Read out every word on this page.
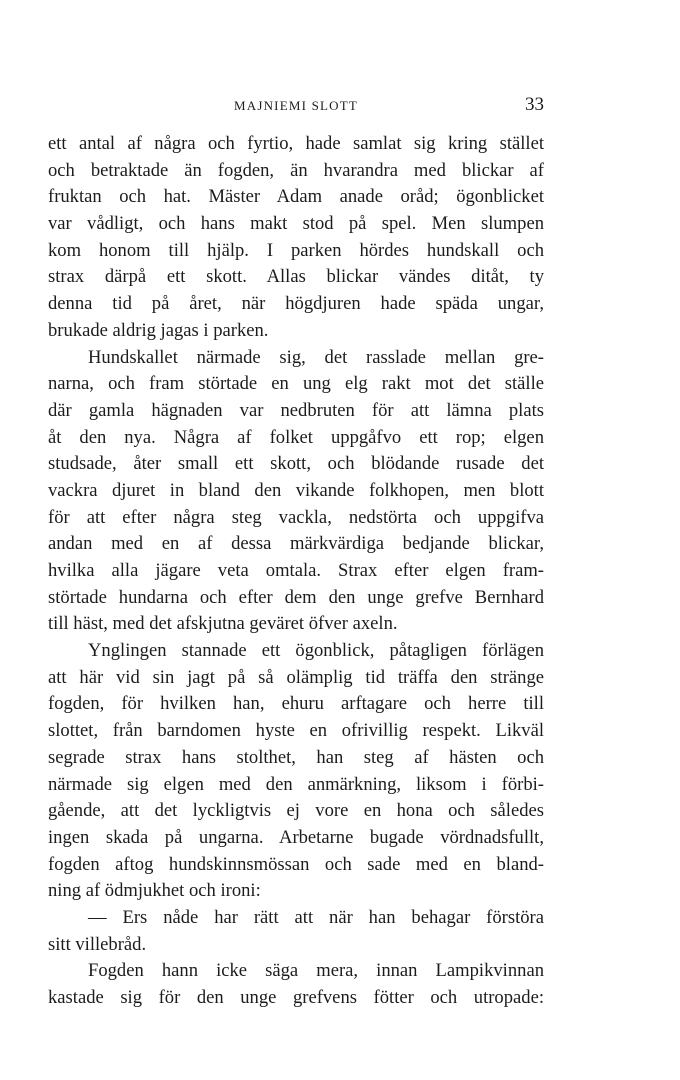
MAJNIEMI SLOTT	33
ett antal af några och fyrtio, hade samlat sig kring stället
och betraktade än fogden, än hvarandra med blickar af
fruktan och hat. Mäster Adam anade oråd; ögonblicket
var vådligt, och hans makt stod på spel. Men slumpen
kom honom till hjälp. I parken hördes hundskall och
strax därpå ett skott. Allas blickar vändes ditåt, ty
denna tid på året, när högdjuren hade späda ungar,
brukade aldrig jagas i parken.
Hundskallet närmade sig, det rasslade mellan gre-
narna, och fram störtade en ung elg rakt mot det ställe
där gamla hägnaden var nedbruten för att lämna plats
åt den nya. Några af folket uppgåfvo ett rop; elgen
studsade, åter small ett skott, och blödande rusade det
vackra djuret in bland den vikande folkhopen, men blott
för att efter några steg vackla, nedstörta och uppgifva
andan med en af dessa märkvärdiga bedjande blickar,
hvilka alla jägare veta omtala. Strax efter elgen fram-
störtade hundarna och efter dem den unge grefve Bernhard
till häst, med det afskjutna geväret öfver axeln.
Ynglingen stannade ett ögonblick, påtagligen förlägen
att här vid sin jagt på så olämplig tid träffa den stränge
fogden, för hvilken han, ehuru arftagare och herre till
slottet, från barndomen hyste en ofrivillig respekt. Likväl
segrade strax hans stolthet, han steg af hästen och
närmade sig elgen med den anmärkning, liksom i förbi-
gående, att det lyckligtvis ej vore en hona och således
ingen skada på ungarna. Arbetarne bugade vördnadsfullt,
fogden aftog hundskinnsmössan och sade med en bland-
ning af ödmjukhet och ironi:
— Ers nåde har rätt att när han behagar förstöra
sitt villebråd.
Fogden hann icke säga mera, innan Lampikvinnan
kastade sig för den unge grefvens fötter och utropade:
